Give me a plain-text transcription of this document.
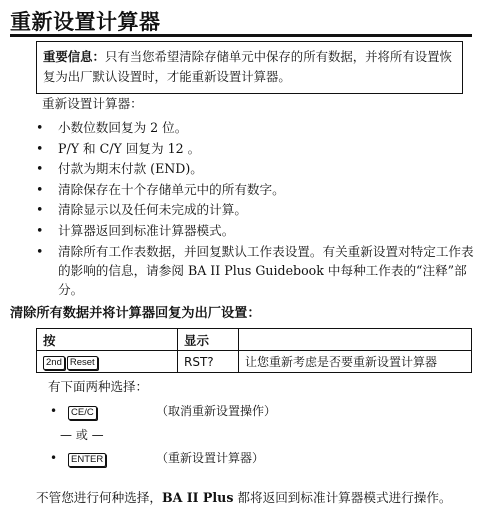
重新设置计算器
重要信息：只有当您希望清除存储单元中保存的所有数据，并将所有设置恢复为出厂默认设置时，才能重新设置计算器。
重新设置计算器：
• 小数位数回复为 2 位。
• P/Y 和 C/Y 回复为 12 。
• 付款为期末付款 (END)。
• 清除保存在十个存储单元中的所有数字。
• 清除显示以及任何未完成的计算。
• 计算器返回到标准计算器模式。
• 清除所有工作表数据，并回复默认工作表设置。有关重新设置对特定工作表的影响的信息，请参阅 BA II Plus Guidebook 中每种工作表的“注释”部分。
清除所有数据并将计算器回复为出厂设置：
按	显示	
2nd Reset	RST?	让您重新考虑是否要重新设置计算器
有下面两种选择：
• CE/C	（取消重新设置操作）
— 或 —
• ENTER	（重新设置计算器）
不管您进行何种选择，BA II Plus 都将返回到标准计算器模式进行操作。
